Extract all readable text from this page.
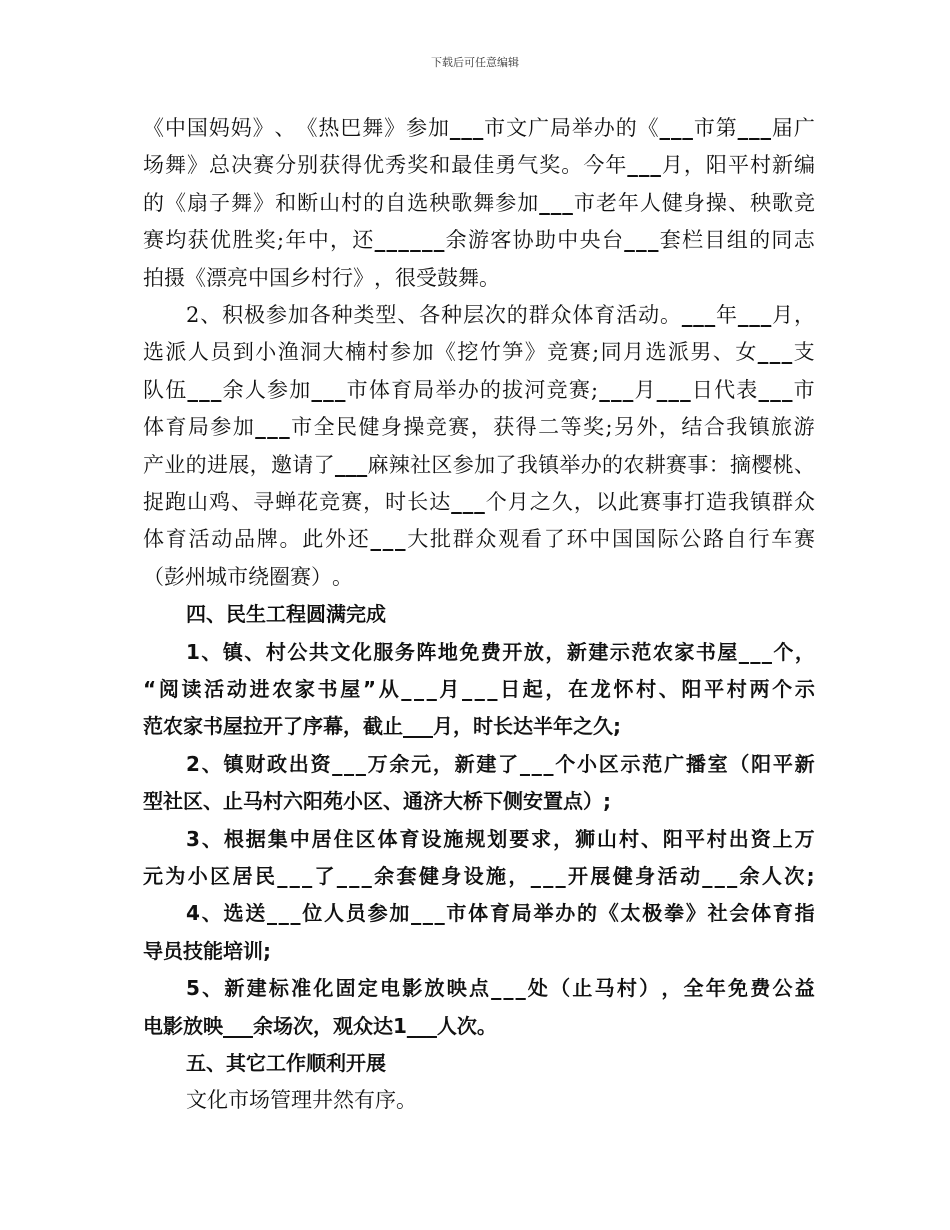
下载后可任意编辑
《 中 国 妈 妈 》 、 《 热 巴 舞 》 参 加 _ _ _ 市 文 广 局 举 办 的 《 _ _ _ 市 第 _ _ _ 届 广
场 舞 》 总 决 赛 分 别 获 得 优 秀 奖 和 最 佳 勇 气 奖 。 今 年 _ _ _ 月 ， 阳 平 村 新 编
的 《 扇 子 舞 》 和 断 山 村 的 自 选 秧 歌 舞 参 加 _ _ _ 市 老 年 人 健 身 操 、 秧 歌 竞
赛 均 获 优 胜 奖 ; 年 中 ， 还 _ _ _ _ _ _ 余 游 客 协 助 中 央 台 _ _ _ 套 栏 目 组 的 同 志
拍 摄 《 漂 亮 中 国 乡 村 行 》 ， 很 受 鼓 舞 。
2 、 积 极 参 加 各 种 类 型 、 各 种 层 次 的 群 众 体 育 活 动 。 _ _ _ 年 _ _ _ 月 ，
选 派 人 员 到 小 渔 洞 大 楠 村 参 加 《 挖 竹 笋 》 竞 赛 ; 同 月 选 派 男 、 女 _ _ _ 支
队 伍 _ _ _ 余 人 参 加 _ _ _ 市 体 育 局 举 办 的 拔 河 竞 赛 ; _ _ _ 月 _ _ _ 日 代 表 _ _ _ 市
体 育 局 参 加 _ _ _ 市 全 民 健 身 操 竞 赛 ， 获 得 二 等 奖 ; 另 外 ， 结 合 我 镇 旅 游
产 业 的 进 展 ， 邀 请 了 _ _ _ 麻 辣 社 区 参 加 了 我 镇 举 办 的 农 耕 赛 事 ： 摘 樱 桃 、
捉 跑 山 鸡 、 寻 蝉 花 竞 赛 ， 时 长 达 _ _ _ 个 月 之 久 ， 以 此 赛 事 打 造 我 镇 群 众
体 育 活 动 品 牌 。 此 外 还 _ _ _ 大 批 群 众 观 看 了 环 中 国 国 际 公 路 自 行 车 赛
（ 彭 州 城 市 绕 圈 赛 ） 。
四 、 民 生 工 程 圆 满 完 成
1 、 镇 、 村 公 共 文 化 服 务 阵 地 免 费 开 放 ， 新 建 示 范 农 家 书 屋 _ _ _ 个 ，
“ 阅 读 活 动 进 农 家 书 屋 ” 从 _ _ _ 月 _ _ _ 日 起 ， 在 龙 怀 村 、 阳 平 村 两 个 示
范 农 家 书 屋 拉 开 了 序 幕 ， 截 止 _ _ _ 月 ， 时 长 达 半 年 之 久 ;
2 、 镇 财 政 出 资 _ _ _ 万 余 元 ， 新 建 了 _ _ _ 个 小 区 示 范 广 播 室 （ 阳 平 新
型 社 区 、 止 马 村 六 阳 苑 小 区 、 通 济 大 桥 下 侧 安 置 点 ） ;
3 、 根 据 集 中 居 住 区 体 育 设 施 规 划 要 求 ， 狮 山 村 、 阳 平 村 出 资 上 万
元 为 小 区 居 民 _ _ _ 了 _ _ _ 余 套 健 身 设 施 ， _ _ _ 开 展 健 身 活 动 _ _ _ 余 人 次 ;
4 、 选 送 _ _ _ 位 人 员 参 加 _ _ _ 市 体 育 局 举 办 的 《 太 极 拳 》 社 会 体 育 指
导 员 技 能 培 训 ;
5 、 新 建 标 准 化 固 定 电 影 放 映 点 _ _ _ 处 （ 止 马 村 ） ， 全 年 免 费 公 益
电 影 放 映 _ _ _ 余 场 次 ， 观 众 达 1 _ _ _ 人 次 。
五 、 其 它 工 作 顺 利 开 展
文 化 市 场 管 理 井 然 有 序 。
